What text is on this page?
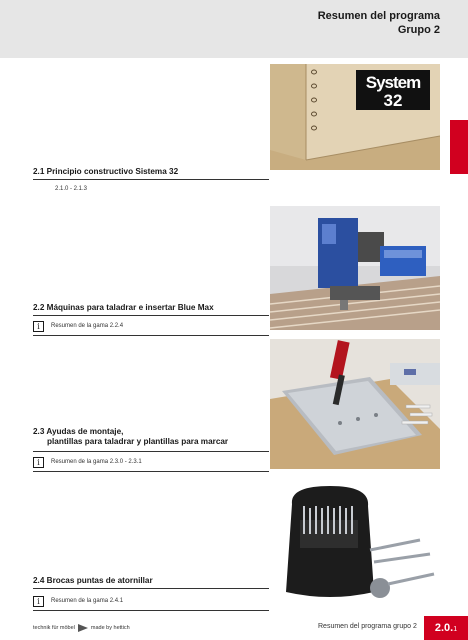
Resumen del programa
Grupo 2
System
32
2.1 Principio constructivo Sistema 32
2.1.0 - 2.1.3
2.2 Máquinas para taladrar e insertar Blue Max
i	Resumen de la gama 2.2.4
2.3 Ayudas de montaje,
plantillas para taladrar y plantillas para marcar
i	Resumen de la gama 2.3.0 - 2.3.1
2.4 Brocas puntas de atornillar
i	Resumen de la gama 2.4.1
technik für möbel	made by hettich	Resumen del programa grupo 2	2.0.1
